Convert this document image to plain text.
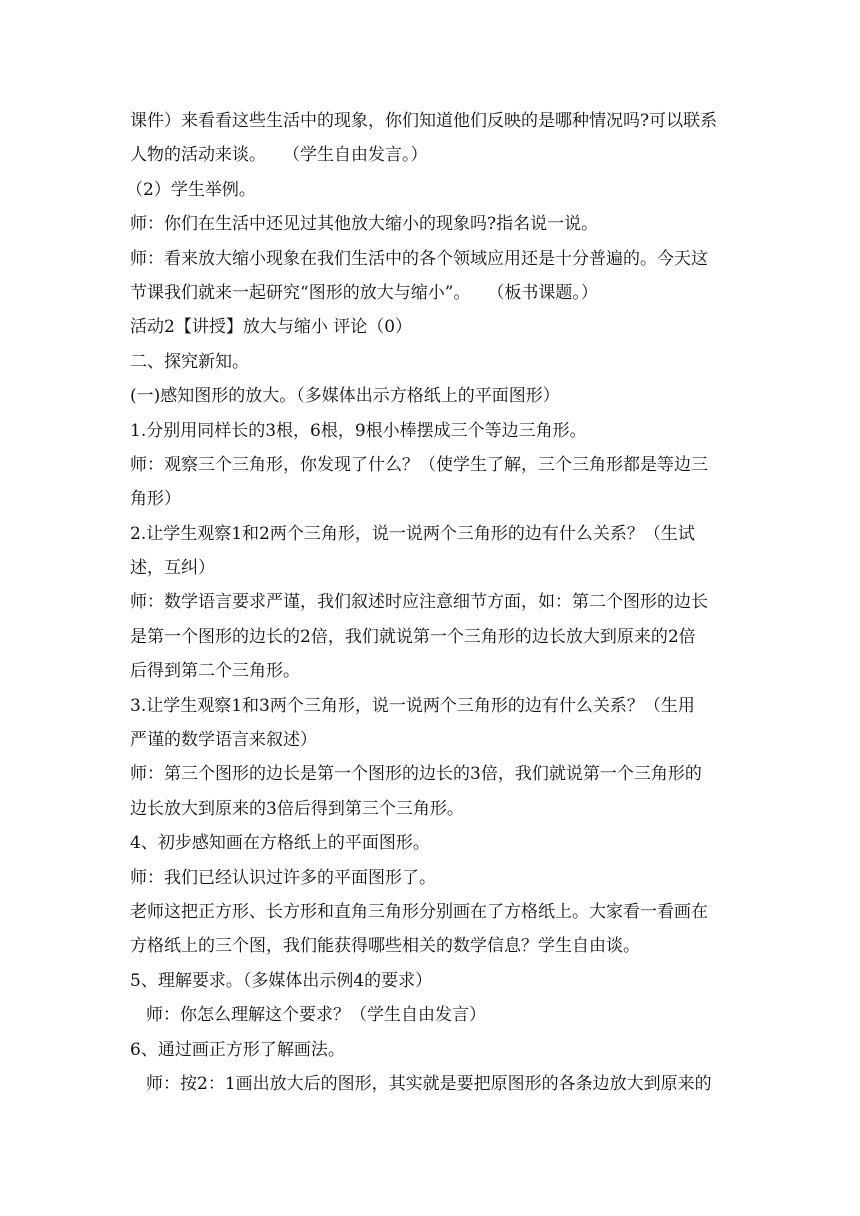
课件）来看看这些生活中的现象，你们知道他们反映的是哪种情况吗?可以联系
人物的活动来谈。　　（学生自由发言。）
（2）学生举例。
师：你们在生活中还见过其他放大缩小的现象吗?指名说一说。
师：看来放大缩小现象在我们生活中的各个领域应用还是十分普遍的。今天这
节课我们就来一起研究“图形的放大与缩小”。　　（板书课题。）
活动2【讲授】放大与缩小 评论（0）
二、探究新知。
(一)感知图形的放大。（多媒体出示方格纸上的平面图形）
1.分别用同样长的3根，6根，9根小棒摆成三个等边三角形。
师：观察三个三角形，你发现了什么？（使学生了解，三个三角形都是等边三
角形）
2.让学生观察1和2两个三角形，说一说两个三角形的边有什么关系？（生试
述，互纠）
师：数学语言要求严谨，我们叙述时应注意细节方面，如：第二个图形的边长
是第一个图形的边长的2倍，我们就说第一个三角形的边长放大到原来的2倍
后得到第二个三角形。
3.让学生观察1和3两个三角形，说一说两个三角形的边有什么关系？（生用
严谨的数学语言来叙述）
师：第三个图形的边长是第一个图形的边长的3倍，我们就说第一个三角形的
边长放大到原来的3倍后得到第三个三角形。
4、初步感知画在方格纸上的平面图形。
师：我们已经认识过许多的平面图形了。
老师这把正方形、长方形和直角三角形分别画在了方格纸上。大家看一看画在
方格纸上的三个图，我们能获得哪些相关的数学信息？学生自由谈。
5、理解要求。（多媒体出示例4的要求）
师：你怎么理解这个要求？（学生自由发言）
6、通过画正方形了解画法。
师：按2：1画出放大后的图形，其实就是要把原图形的各条边放大到原来的
